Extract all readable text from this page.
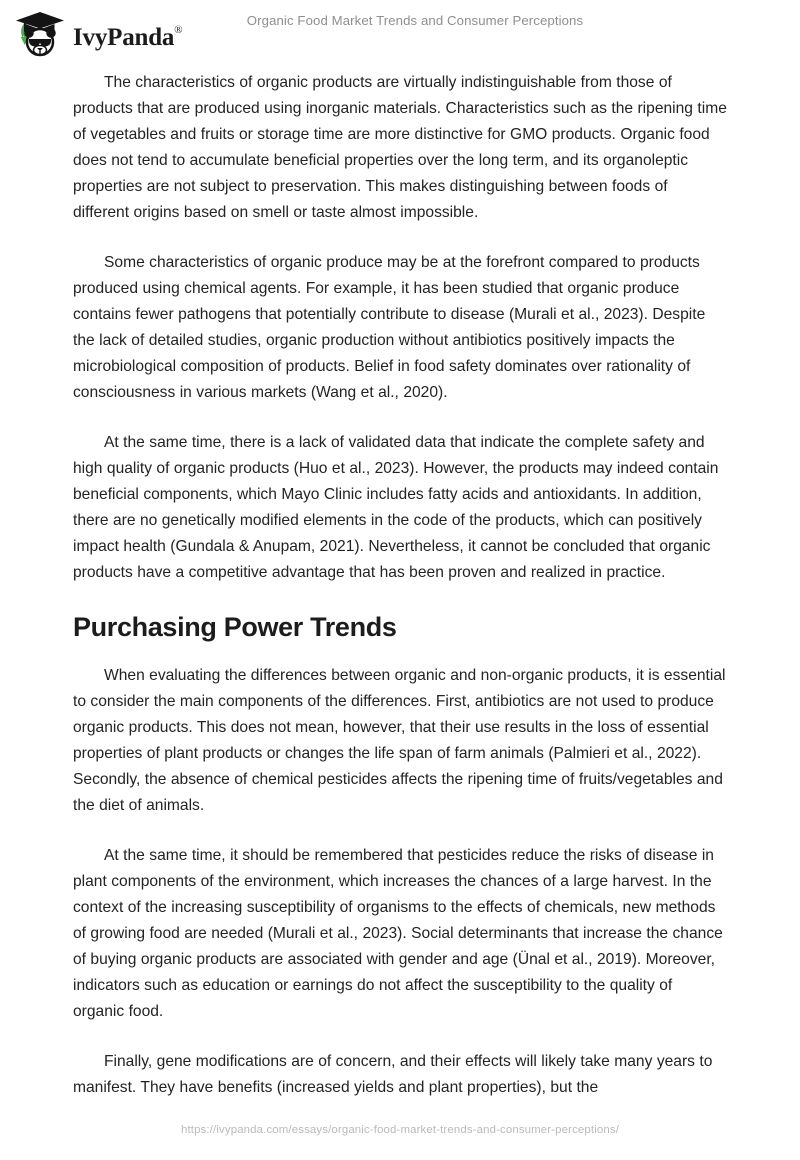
IvyPanda®
Organic Food Market Trends and Consumer Perceptions

The characteristics of organic products are virtually indistinguishable from those of products that are produced using inorganic materials. Characteristics such as the ripening time of vegetables and fruits or storage time are more distinctive for GMO products. Organic food does not tend to accumulate beneficial properties over the long term, and its organoleptic properties are not subject to preservation. This makes distinguishing between foods of different origins based on smell or taste almost impossible.

Some characteristics of organic produce may be at the forefront compared to products produced using chemical agents. For example, it has been studied that organic produce contains fewer pathogens that potentially contribute to disease (Murali et al., 2023). Despite the lack of detailed studies, organic production without antibiotics positively impacts the microbiological composition of products. Belief in food safety dominates over rationality of consciousness in various markets (Wang et al., 2020).

At the same time, there is a lack of validated data that indicate the complete safety and high quality of organic products (Huo et al., 2023). However, the products may indeed contain beneficial components, which Mayo Clinic includes fatty acids and antioxidants. In addition, there are no genetically modified elements in the code of the products, which can positively impact health (Gundala & Anupam, 2021). Nevertheless, it cannot be concluded that organic products have a competitive advantage that has been proven and realized in practice.

Purchasing Power Trends

When evaluating the differences between organic and non-organic products, it is essential to consider the main components of the differences. First, antibiotics are not used to produce organic products. This does not mean, however, that their use results in the loss of essential properties of plant products or changes the life span of farm animals (Palmieri et al., 2022). Secondly, the absence of chemical pesticides affects the ripening time of fruits/vegetables and the diet of animals.

At the same time, it should be remembered that pesticides reduce the risks of disease in plant components of the environment, which increases the chances of a large harvest. In the context of the increasing susceptibility of organisms to the effects of chemicals, new methods of growing food are needed (Murali et al., 2023). Social determinants that increase the chance of buying organic products are associated with gender and age (Ünal et al., 2019). Moreover, indicators such as education or earnings do not affect the susceptibility to the quality of organic food.

Finally, gene modifications are of concern, and their effects will likely take many years to manifest. They have benefits (increased yields and plant properties), but the

https://ivypanda.com/essays/organic-food-market-trends-and-consumer-perceptions/
